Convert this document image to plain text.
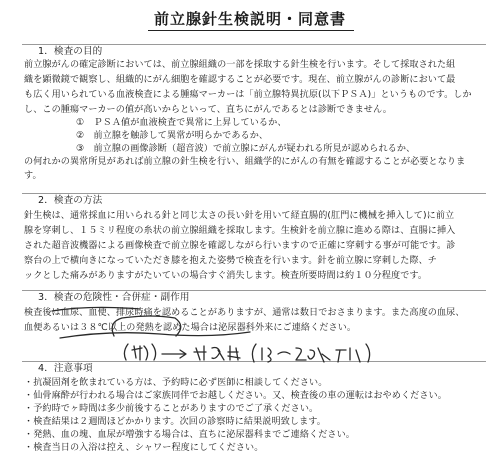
前立腺針生検説明・同意書
1．検査の目的
前立腺がんの確定診断においては、前立腺組織の一部を採取する針生検を行います。そして採取された組
織を顕微鏡で観察し、組織的にがん細胞を確認することが必要です。現在、前立腺がんの診断において最
も広く用いられている血液検査による腫瘍マーカーは「前立腺特異抗原(以下ＰＳＡ)」というものです。しか
し、この腫瘍マーカーの値が高いからといって、直ちにがんであるとは診断できません。
①　ＰＳＡ値が血液検査で異常に上昇しているか、
②　前立腺を触診して異常が明らかであるか、
③　前立腺の画像診断（超音波）で前立腺にがんが疑われる所見が認められるか、
の何れかの異常所見があれば前立腺の針生検を行い、組織学的にがんの有無を確認することが必要となりま
す。
2．検査の方法
針生検は、通常採血に用いられる針と同じ太さの長い針を用いて経直腸的(肛門に機械を挿入して)に前立
腺を穿刺し、１５ミリ程度の糸状の前立腺組織を採取します。生検針を前立腺に進める際は、直腸に挿入
された超音波機器による画像検査で前立腺を確認しながら行いますので正確に穿刺する事が可能です。診
察台の上で横向きになっていただき膝を抱えた姿勢で検査を行います。針を前立腺に穿刺した際、チ
ックとした痛みがありますがたいていの場合すぐ消失します。検査所要時間は約１０分程度です。
3．検査の危険性・合併症・副作用
検査後は血尿、血便、排尿時痛を認めることがありますが、通常は数日でおさまります。また高度の血尿、
血便あるいは３８℃以上の発熱を認めた場合は泌尿器科外来にご連絡ください。
4．注意事項
・抗凝固剤を飲まれている方は、予約時に必ず医師に相談してください。
・仙骨麻酔が行われる場合はご家族同伴でお越しください。又、検査後の車の運転はおやめください。
・予約時でヶ時間は多少前後することがありますのでご了承ください。
・検査結果は２週間ほどかかります。次回の診察時に結果説明致します。
・発熱、血の塊、血尿が増強する場合は、直ちに泌尿器科までご連絡ください。
・検査当日の入浴は控え、シャワー程度にしてください。
